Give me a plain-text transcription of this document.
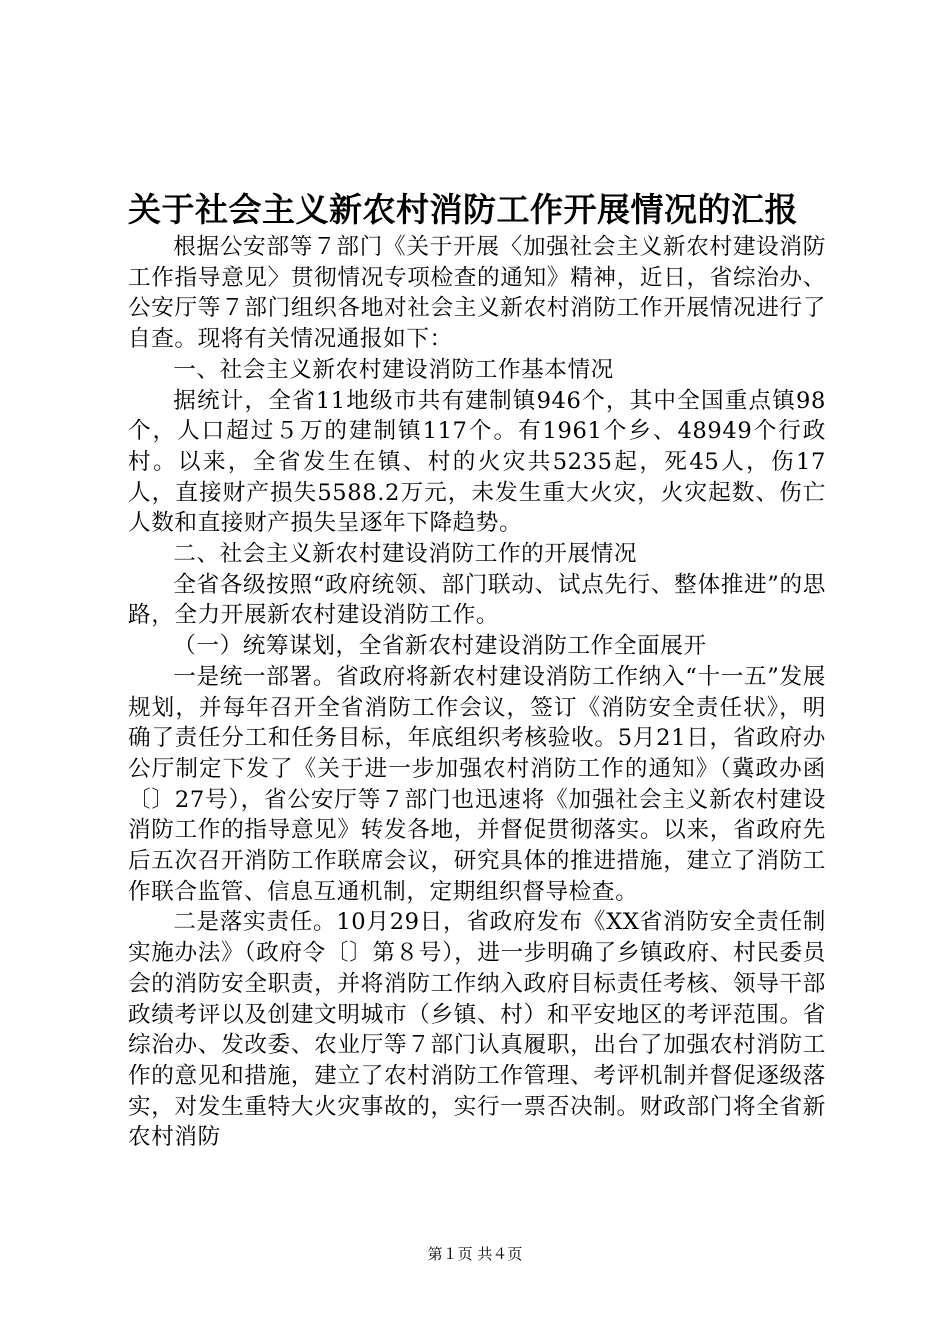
关于社会主义新农村消防工作开展情况的汇报

根据公安部等７部门《关于开展〈加强社会主义新农村建设消防工作指导意见〉贯彻情况专项检查的通知》精神，近日，省综治办、公安厅等７部门组织各地对社会主义新农村消防工作开展情况进行了自查。现将有关情况通报如下：

一、社会主义新农村建设消防工作基本情况

据统计，全省11地级市共有建制镇946个，其中全国重点镇98个，人口超过５万的建制镇117个。有1961个乡、48949个行政村。以来，全省发生在镇、村的火灾共5235起，死45人，伤17人，直接财产损失5588.2万元，未发生重大火灾，火灾起数、伤亡人数和直接财产损失呈逐年下降趋势。

二、社会主义新农村建设消防工作的开展情况

全省各级按照“政府统领、部门联动、试点先行、整体推进”的思路，全力开展新农村建设消防工作。

（一）统筹谋划，全省新农村建设消防工作全面展开

一是统一部署。省政府将新农村建设消防工作纳入“十一五”发展规划，并每年召开全省消防工作会议，签订《消防安全责任状》，明确了责任分工和任务目标，年底组织考核验收。5月21日，省政府办公厅制定下发了《关于进一步加强农村消防工作的通知》（冀政办函〔〕27号），省公安厅等７部门也迅速将《加强社会主义新农村建设消防工作的指导意见》转发各地，并督促贯彻落实。以来，省政府先后五次召开消防工作联席会议，研究具体的推进措施，建立了消防工作联合监管、信息互通机制，定期组织督导检查。

二是落实责任。10月29日，省政府发布《XX省消防安全责任制实施办法》（政府令〔〕第８号），进一步明确了乡镇政府、村民委员会的消防安全职责，并将消防工作纳入政府目标责任考核、领导干部政绩考评以及创建文明城市（乡镇、村）和平安地区的考评范围。省综治办、发改委、农业厅等７部门认真履职，出台了加强农村消防工作的意见和措施，建立了农村消防工作管理、考评机制并督促逐级落实，对发生重特大火灾事故的，实行一票否决制。财政部门将全省新农村消防

第１页 共４页
